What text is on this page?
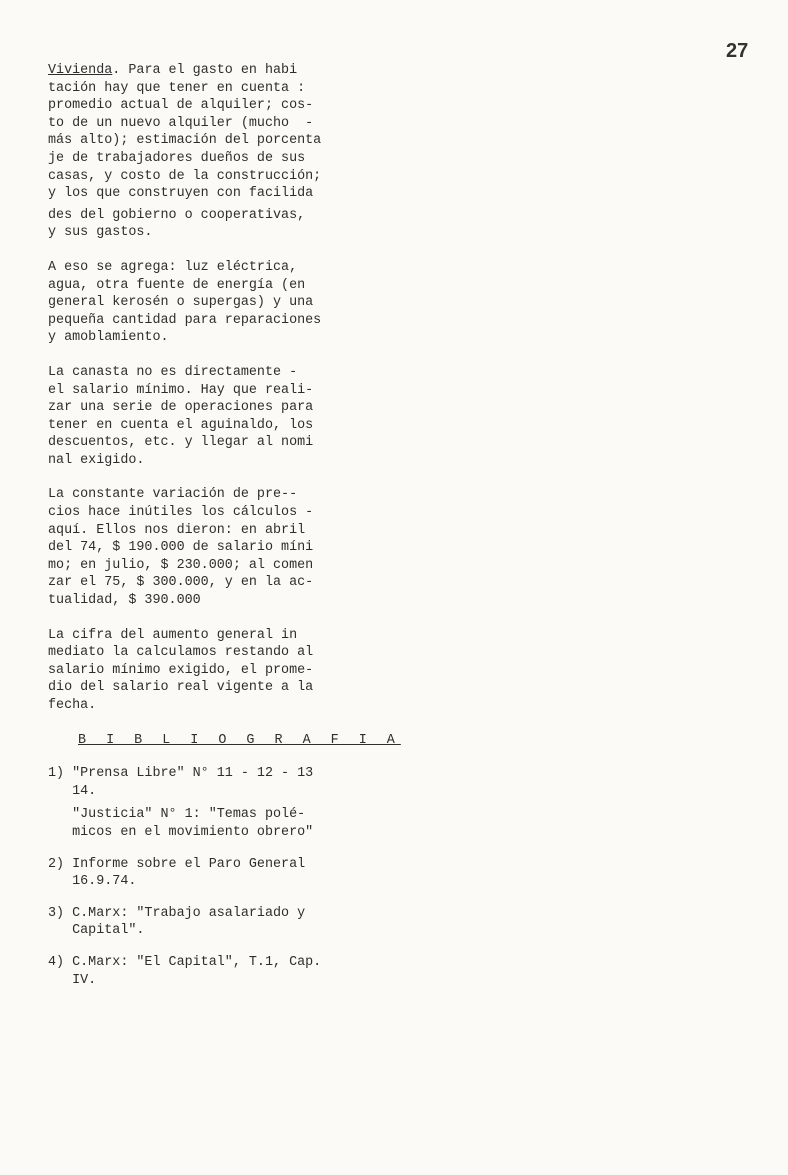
27
Vivienda. Para el gasto en habi
tación hay que tener en cuenta :
promedio actual de alquiler; cos-
to de un nuevo alquiler (mucho  -
más alto); estimación del porcenta
je de trabajadores dueños de sus
casas, y costo de la construcción;
y los que construyen con facilida
des del gobierno o cooperativas,
y sus gastos.
A eso se agrega: luz eléctrica,
agua, otra fuente de energía (en
general kerosén o supergas) y una
pequeña cantidad para reparaciones
y amoblamiento.
La canasta no es directamente -
el salario mínimo. Hay que reali-
zar una serie de operaciones para
tener en cuenta el aguinaldo, los
descuentos, etc. y llegar al nomi
nal exigido.
La constante variación de pre--
cios hace inútiles los cálculos -
aquí. Ellos nos dieron: en abril
del 74, $ 190.000 de salario míni
mo; en julio, $ 230.000; al comen
zar el 75, $ 300.000, y en la ac-
tualidad, $ 390.000
La cifra del aumento general in
mediato la calculamos restando al
salario mínimo exigido, el prome-
dio del salario real vigente a la
fecha.
B I B L I O G R A F I A
1) "Prensa Libre" N° 11 - 12 - 13
14.
"Justicia" N° 1: "Temas polé-
micos en el movimiento obrero"
2) Informe sobre el Paro General
16.9.74.
3) C.Marx: "Trabajo asalariado y
Capital".
4) C.Marx: "El Capital", T.1, Cap.
IV.
